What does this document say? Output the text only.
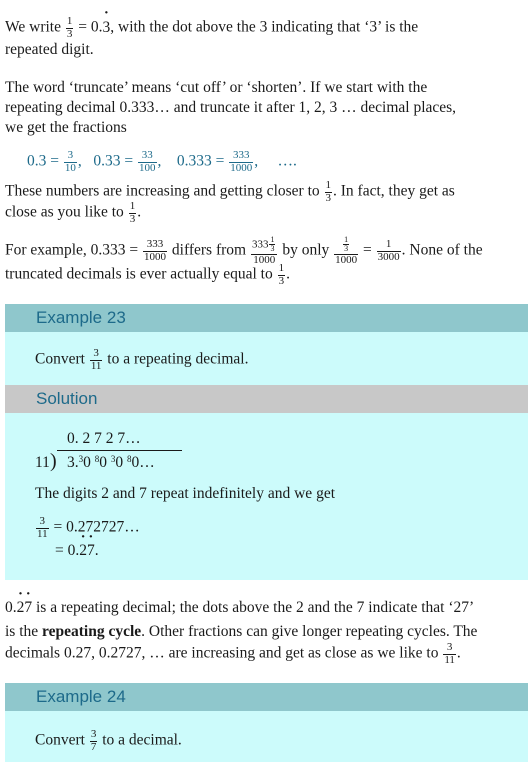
We write $\frac{1}{3} = 0.\cdot 3$, with the dot above the 3 indicating that ‘3’ is the
repeated digit.

The word ‘truncate’ means ‘cut off’ or ‘shorten’. If we start with the
repeating decimal 0.333… and truncate it after 1, 2, 3 … decimal places,
we get the fractions

$0.3 = \frac{3}{10}$ , $0.33 = \frac{33}{100}$ , $0.333 = \frac{333}{1000}$ , ….
These numbers are increasing and getting closer to $\frac{1}{3}$ . In fact, they get as
close as you like to $\frac{1}{3}$ .
For example, $0.333 = \frac{333}{1000}$ differs from $\frac{333 \frac{1}{3}}{1000}$ by only $\frac{\frac{1}{3}}{1000} = \frac{1}{3000}$ . None of the
truncated decimals is ever actually equal to $\frac{1}{3}$ .
Example 23
Convert $\frac{3}{11}$ to a repeating decimal.
Solution
0. 2 7 2 7…
11) 3.$^3$0 $^8$0 $^3$0 $^8$0…
The digits 2 and 7 repeat indefinitely and we get
$\frac{3}{11}$ = 0.272727…
= 0.· 2· 7.
0.· 2· 7 is a repeating decimal; the dots above the 2 and the 7 indicate that ‘27’
is the repeating cycle. Other fractions can give longer repeating cycles. The
decimals 0.27, 0.2727, … are increasing and get as close as we like to $\frac{3}{11}$ .
Example 24
Convert $\frac{3}{7}$ to a decimal.
